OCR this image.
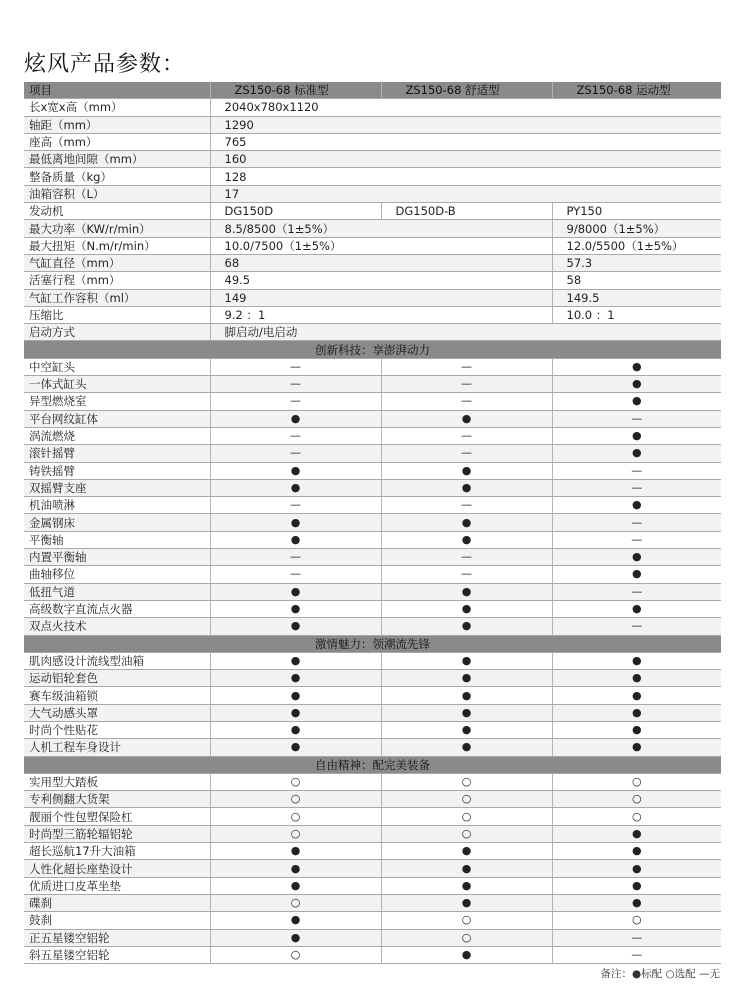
炫风产品参数：
项目	ZS150-68 标准型	ZS150-68 舒适型	ZS150-68 运动型
长x宽x高（mm）	2040x780x1120		
轴距（mm）	1290		
座高（mm）	765		
最低离地间隙（mm）	160		
整备质量（kg）	128		
油箱容积（L）	17		
发动机	DG150D	DG150D-B	PY150
最大功率（KW/r/min）	8.5/8500（1±5%）		9/8000（1±5%）
最大扭矩（N.m/r/min）	10.0/7500（1±5%）		12.0/5500（1±5%）
气缸直径（mm）	68		57.3
活塞行程（mm）	49.5		58
气缸工作容积（ml）	149		149.5
压缩比	9.2 ：1		10.0 ：1
启动方式	脚启动/电启动		
创新科技：享澎湃动力			
中空缸头	—	—	●
一体式缸头	—	—	●
异型燃烧室	—	—	●
平台网纹缸体	●	●	—
涡流燃烧	—	—	●
滚针摇臂	—	—	●
铸铁摇臂	●	●	—
双摇臂支座	●	●	—
机油喷淋	—	—	●
金属钢床	●	●	—
平衡轴	●	●	—
内置平衡轴	—	—	●
曲轴移位	—	—	●
低扭气道	●	●	—
高级数字直流点火器	●	●	●
双点火技术	●	●	—
激情魅力：领潮流先锋			
肌肉感设计流线型油箱	●	●	●
运动铝轮套色	●	●	●
赛车级油箱锁	●	●	●
大气动感头罩	●	●	●
时尚个性贴花	●	●	●
人机工程车身设计	●	●	●
自由精神：配完美装备			
实用型大踏板	○	○	○
专利侧翻大货架	○	○	○
靓丽个性包塑保险杠	○	○	○
时尚型三筋轮辐铝轮	○	○	●
超长巡航17升大油箱	●	●	●
人性化超长座垫设计	●	●	●
优质进口皮革坐垫	●	●	●
碟刹	○	●	●
鼓刹	●	○	○
正五星镂空铝轮	●	○	—
斜五星镂空铝轮	○	●	—
备注：●标配 ○选配 —无
